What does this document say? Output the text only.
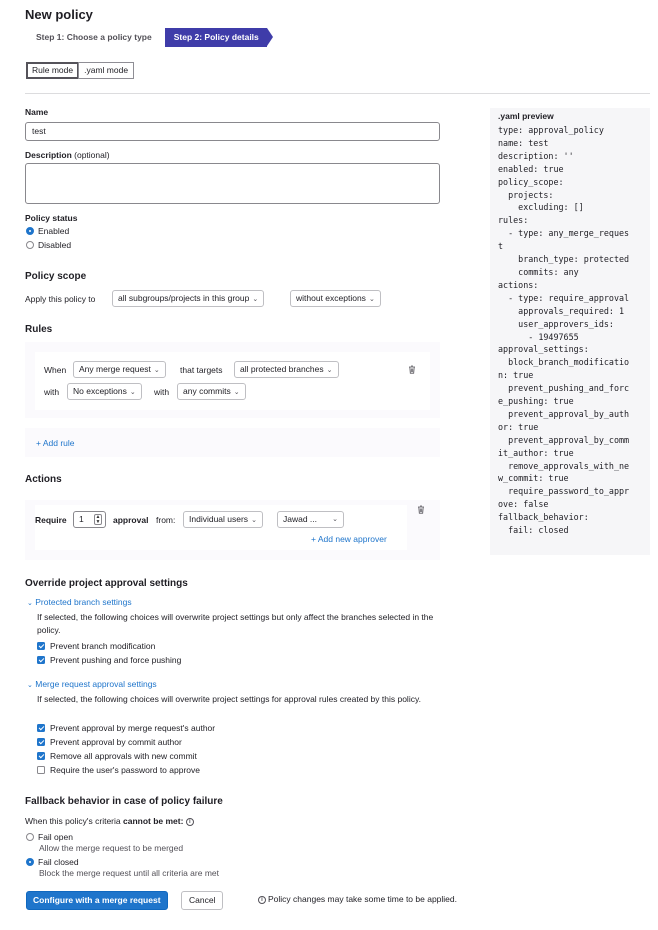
New policy
Step 1: Choose a policy type	Step 2: Policy details
Rule mode	.yaml mode
Name
test
Description (optional)
Policy status
Enabled
Disabled
Policy scope
Apply this policy to	all subgroups/projects in this group ⌄	without exceptions ⌄
Rules
When	Any merge request ⌄	that targets	all protected branches ⌄
with	No exceptions ⌄	with	any commits ⌄
+ Add rule
Actions
Require	1	▲
▼ approval from:	Individual users ⌄	Jawad ... ⌄
+ Add new approver
Override project approval settings
⌄ Protected branch settings
If selected, the following choices will overwrite project settings but only affect the branches selected in the policy.
Prevent branch modification
Prevent pushing and force pushing
⌄ Merge request approval settings
If selected, the following choices will overwrite project settings for approval rules created by this policy.
Prevent approval by merge request's author
Prevent approval by commit author
Remove all approvals with new commit
Require the user's password to approve
Fallback behavior in case of policy failure
When this policy's criteria cannot be met: i
Fail open
Allow the merge request to be merged
Fail closed
Block the merge request until all criteria are met
Configure with a merge request	Cancel	i Policy changes may take some time to be applied.
.yaml preview
type: approval_policy
name: test
description: ''
enabled: true
policy_scope:
projects:
excluding: []
rules:
- type: any_merge_reques
t
branch_type: protected
commits: any
actions:
- type: require_approval
approvals_required: 1
user_approvers_ids:
- 19497655
approval_settings:
block_branch_modificatio
n: true
prevent_pushing_and_forc
e_pushing: true
prevent_approval_by_auth
or: true
prevent_approval_by_comm
it_author: true
remove_approvals_with_ne
w_commit: true
require_password_to_appr
ove: false
fallback_behavior:
fail: closed
